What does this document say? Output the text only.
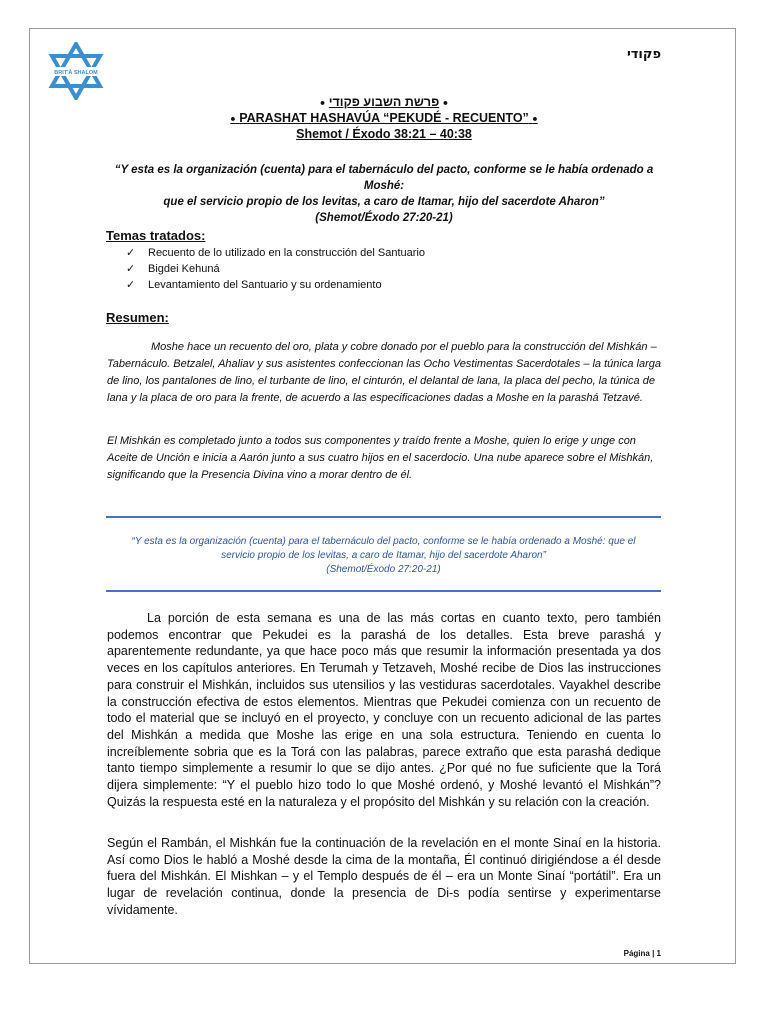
BRIT'À SHALOM
פקודי
● פרשת השבוע פקודי ●
● PARASHAT HASHAVÚA “PEKUDÉ - RECUENTO” ●
Shemot / Éxodo 38:21 – 40:38
“Y esta es la organización (cuenta) para el tabernáculo del pacto, conforme se le había ordenado a Moshé:
que el servicio propio de los levitas, a caro de Itamar, hijo del sacerdote Aharon”
(Shemot/Éxodo 27:20-21)
Temas tratados:
✓ Recuento de lo utilizado en la construcción del Santuario
✓ Bigdei Kehuná
✓ Levantamiento del Santuario y su ordenamiento
Resumen:

Moshe hace un recuento del oro, plata y cobre donado por el pueblo para la construcción del Mishkán – Tabernáculo. Betzalel, Ahaliav y sus asistentes confeccionan las Ocho Vestimentas Sacerdotales – la túnica larga de lino, los pantalones de lino, el turbante de lino, el cinturón, el delantal de lana, la placa del pecho, la túnica de lana y la placa de oro para la frente, de acuerdo a las especificaciones dadas a Moshe en la parashá Tetzavé.

El Mishkán es completado junto a todos sus componentes y traído frente a Moshe, quien lo erige y unge con Aceite de Unción e inicia a Aarón junto a sus cuatro hijos en el sacerdocio. Una nube aparece sobre el Mishkán, significando que la Presencia Divina vino a morar dentro de él.

“Y esta es la organización (cuenta) para el tabernáculo del pacto, conforme se le había ordenado a Moshé: que el
servicio propio de los levitas, a caro de Itamar, hijo del sacerdote Aharon”
(Shemot/Éxodo 27:20-21)

La porción de esta semana es una de las más cortas en cuanto texto, pero también podemos encontrar que Pekudei es la parashá de los detalles. Esta breve parashá y aparentemente redundante, ya que hace poco más que resumir la información presentada ya dos veces en los capítulos anteriores. En Terumah y Tetzaveh, Moshé recibe de Dios las instrucciones para construir el Mishkán, incluidos sus utensilios y las vestiduras sacerdotales. Vayakhel describe la construcción efectiva de estos elementos. Mientras que Pekudei comienza con un recuento de todo el material que se incluyó en el proyecto, y concluye con un recuento adicional de las partes del Mishkán a medida que Moshe las erige en una sola estructura. Teniendo en cuenta lo increíblemente sobria que es la Torá con las palabras, parece extraño que esta parashá dedique tanto tiempo simplemente a resumir lo que se dijo antes. ¿Por qué no fue suficiente que la Torá dijera simplemente: “Y el pueblo hizo todo lo que Moshé ordenó, y Moshé levantó el Mishkán”? Quizás la respuesta esté en la naturaleza y el propósito del Mishkán y su relación con la creación.

Según el Rambán, el Mishkán fue la continuación de la revelación en el monte Sinaí en la historia. Así como Dios le habló a Moshé desde la cima de la montaña, Él continuó dirigiéndose a él desde fuera del Mishkán. El Mishkan – y el Templo después de él – era un Monte Sinaí “portátil”. Era un lugar de revelación continua, donde la presencia de Di-s podía sentirse y experimentarse vívidamente.

Página | 1
